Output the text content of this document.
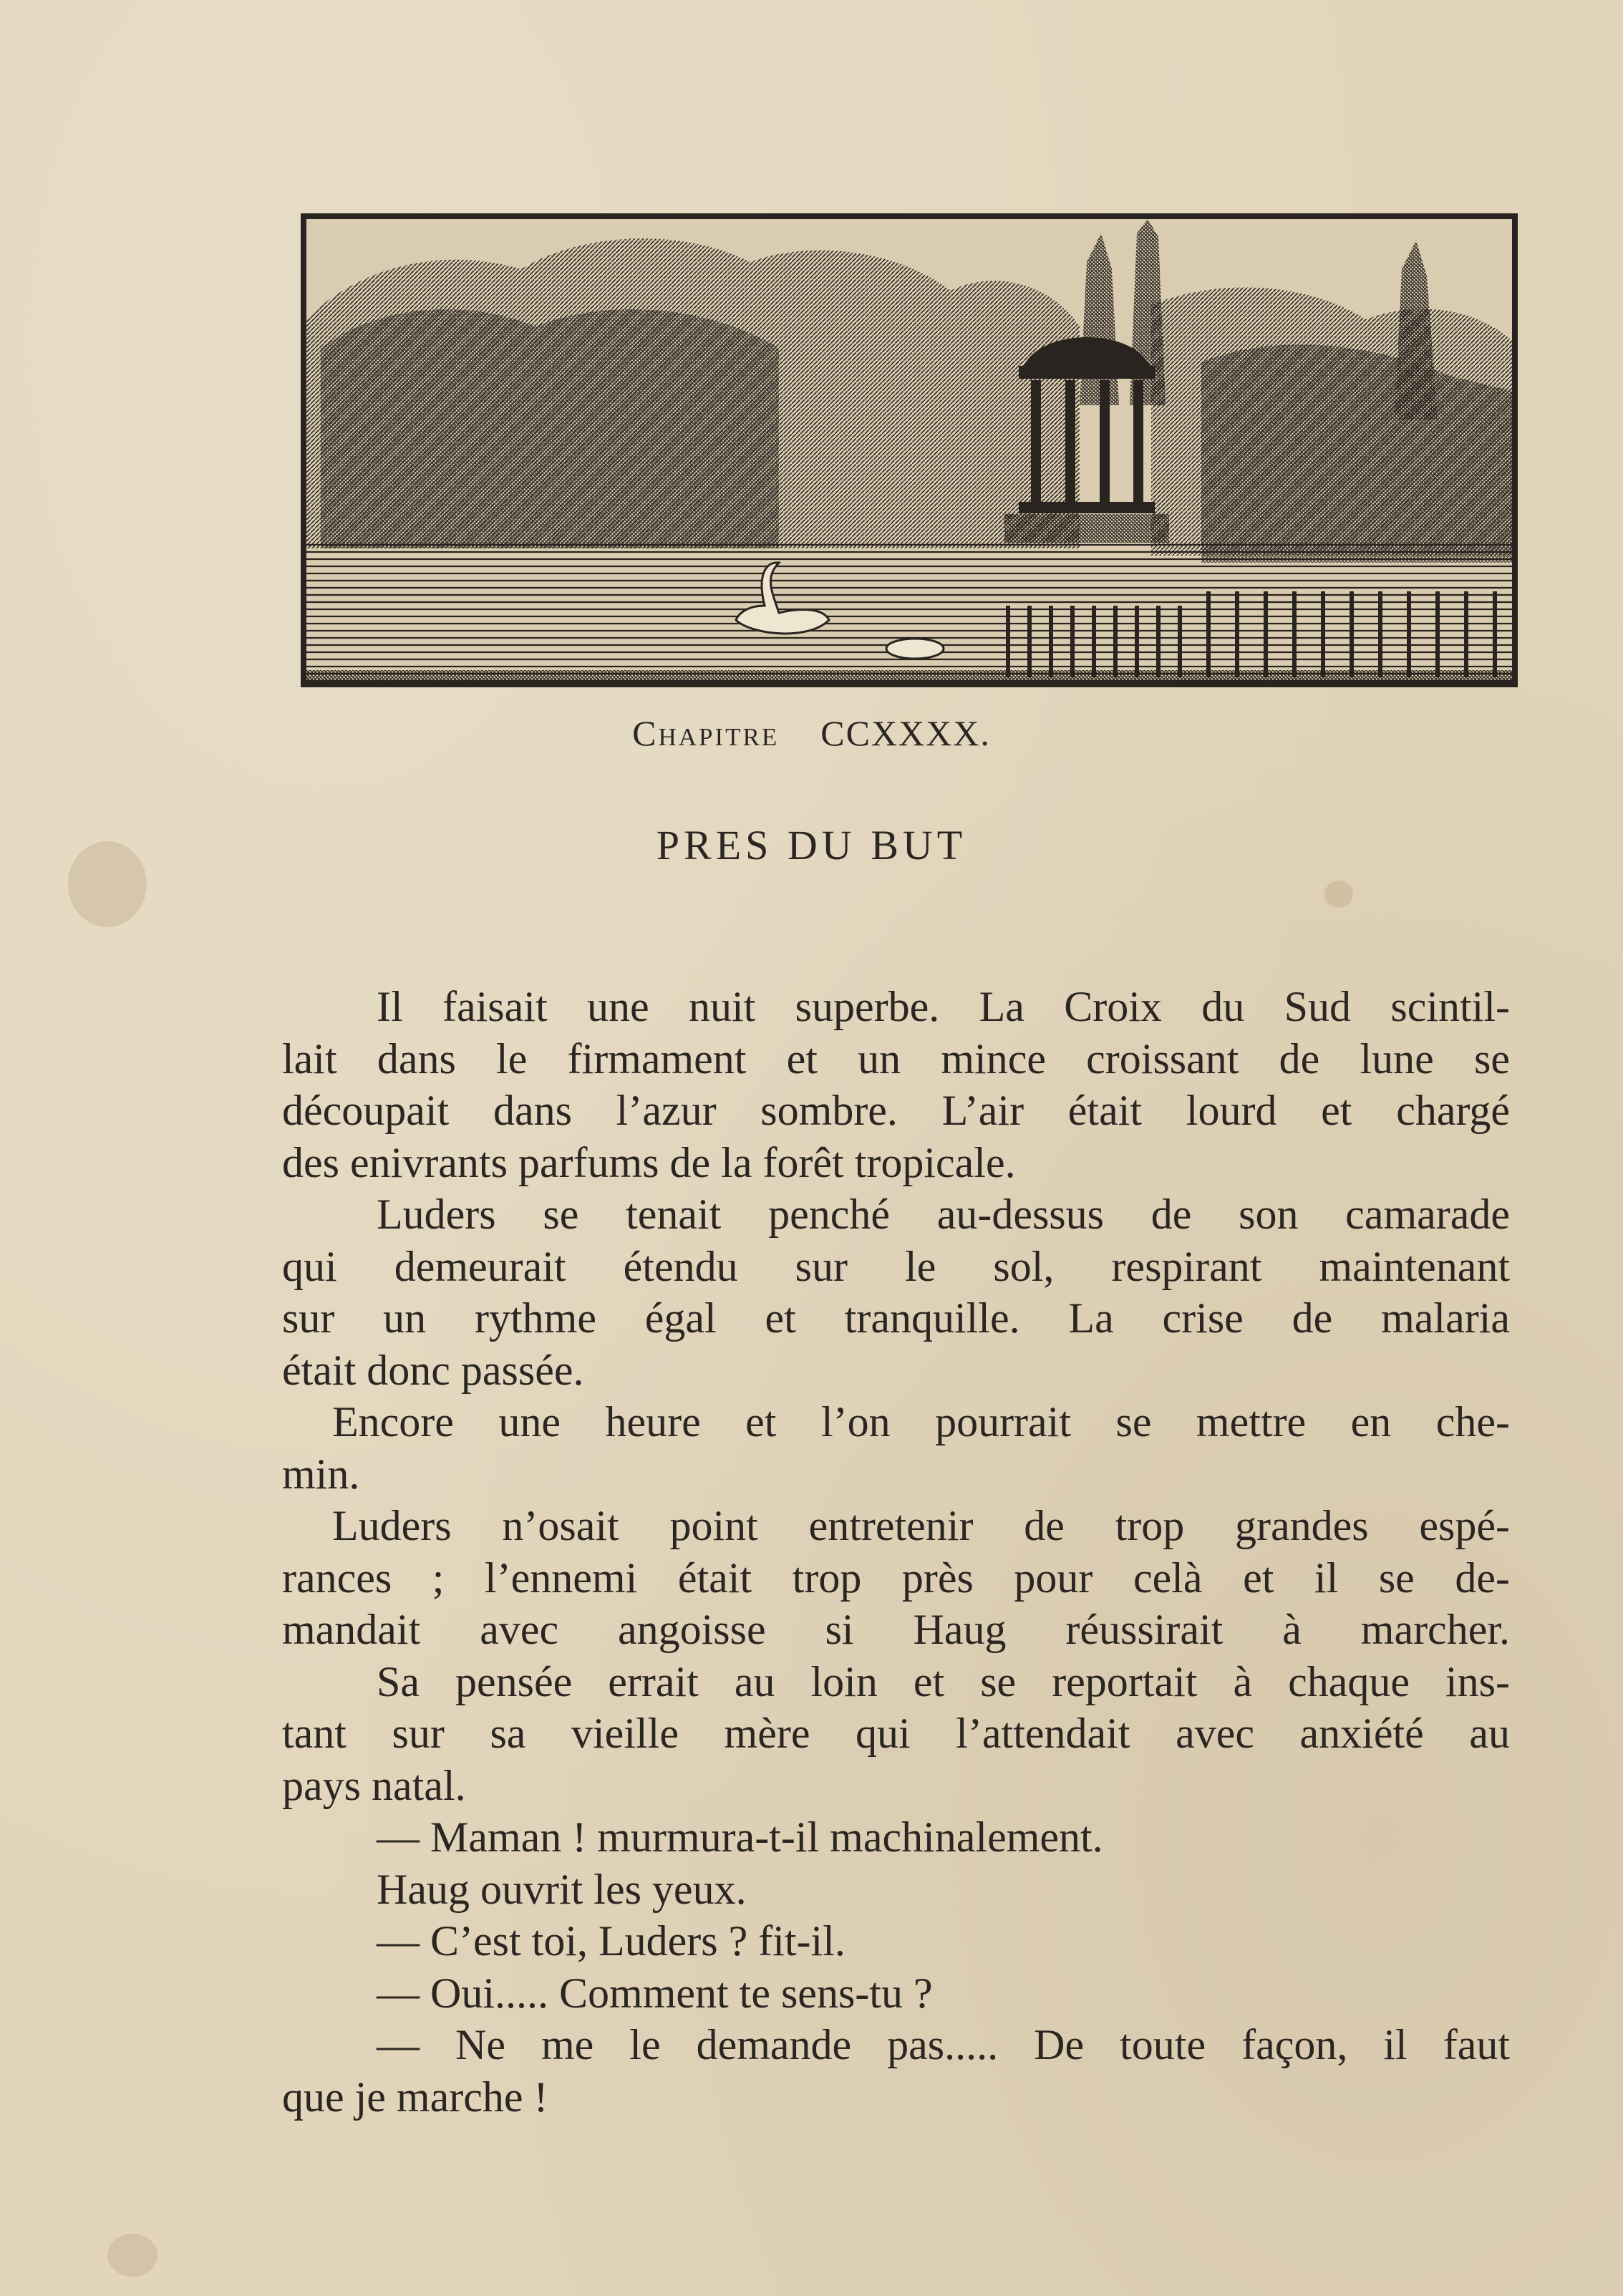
Chapitre CCXXXX.
PRES DU BUT
Il faisait une nuit superbe. La Croix du Sud scintil-
lait dans le firmament et un mince croissant de lune se
découpait dans l’azur sombre. L’air était lourd et chargé
des enivrants parfums de la forêt tropicale.
Luders se tenait penché au-dessus de son camarade
qui demeurait étendu sur le sol, respirant maintenant
sur un rythme égal et tranquille. La crise de malaria
était donc passée.
Encore une heure et l’on pourrait se mettre en che-
min.
Luders n’osait point entretenir de trop grandes espé-
rances ; l’ennemi était trop près pour celà et il se de-
mandait avec angoisse si Haug réussirait à marcher.
Sa pensée errait au loin et se reportait à chaque ins-
tant sur sa vieille mère qui l’attendait avec anxiété au
pays natal.
— Maman ! murmura-t-il machinalement.
Haug ouvrit les yeux.
— C’est toi, Luders ? fit-il.
— Oui..... Comment te sens-tu ?
— Ne me le demande pas..... De toute façon, il faut
que je marche !
